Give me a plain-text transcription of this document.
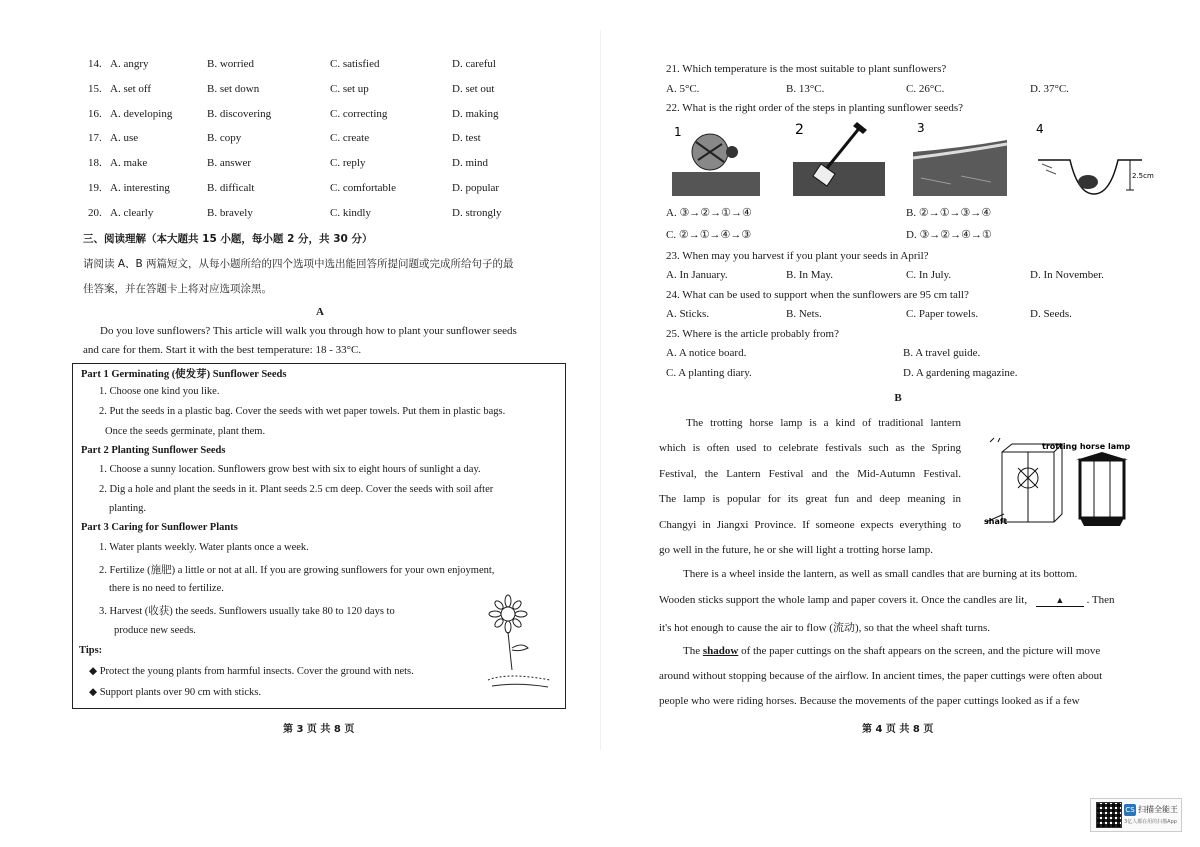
14. A. angry	B. worried	C. satisfied	D. careful
15. A. set off	B. set down	C. set up	D. set out
16. A. developing	B. discovering	C. correcting	D. making
17. A. use	B. copy	C. create	D. test
18. A. make	B. answer	C. reply	D. mind
19. A. interesting	B. difficalt	C. comfortable	D. popular
20. A. clearly	B. bravely	C. kindly	D. strongly
三、阅读理解（本大题共 15 小题，每小题 2 分，共 30 分）
请阅读 A、B 两篇短文，从每小题所给的四个选项中选出能回答所提问题或完成所给句子的最
佳答案，并在答题卡上将对应选项涂黑。
A
Do you love sunflowers? This article will walk you through how to plant your sunflower seeds
and care for them. Start it with the best temperature: 18 - 33°C.
Part 1 Germinating (使发芽) Sunflower Seeds
1. Choose one kind you like.
2. Put the seeds in a plastic bag. Cover the seeds with wet paper towels. Put them in plastic bags.
Once the seeds germinate, plant them.
Part 2 Planting Sunflower Seeds
1. Choose a sunny location. Sunflowers grow best with six to eight hours of sunlight a day.
2. Dig a hole and plant the seeds in it. Plant seeds 2.5 cm deep. Cover the seeds with soil after
planting.
Part 3 Caring for Sunflower Plants
1. Water plants weekly. Water plants once a week.
2. Fertilize (施肥) a little or not at all. If you are growing sunflowers for your own enjoyment,
there is no need to fertilize.
3. Harvest (收获) the seeds. Sunflowers usually take 80 to 120 days to
produce new seeds.
Tips:
◆ Protect the young plants from harmful insects. Cover the ground with nets.
◆ Support plants over 90 cm with sticks.
第 3 页 共 8 页
21. Which temperature is the most suitable to plant sunflowers?
A. 5°C.	B. 13°C.	C. 26°C.	D. 37°C.
22. What is the right order of the steps in planting sunflower seeds?
1	2	3	4
2.5cm
A. ③→②→①→④	B. ②→①→③→④
C. ②→①→④→③	D. ③→②→④→①
23. When may you harvest if you plant your seeds in April?
A. In January.	B. In May.	C. In July.	D. In November.
24. What can be used to support when the sunflowers are 95 cm tall?
A. Sticks.	B. Nets.	C. Paper towels.	D. Seeds.
25. Where is the article probably from?
A. A notice board.	B. A travel guide.
C. A planting diary.	D. A gardening magazine.
B
The trotting horse lamp is a kind of traditional lantern
which is often used to celebrate festivals such as the Spring
Festival, the Lantern Festival and the Mid-Autumn Festival.
The lamp is popular for its great fun and deep meaning in
Changyi in Jiangxi Province. If someone expects everything to
go well in the future, he or she will light a trotting horse lamp.
trotting horse lamp
shaft
There is a wheel inside the lantern, as well as small candles that are burning at its bottom.
Wooden sticks support the whole lamp and paper covers it. Once the candles are lit,	▲ . Then
it's hot enough to cause the air to flow (流动), so that the wheel shaft turns.
The shadow of the paper cuttings on the shaft appears on the screen, and the picture will move
around without stopping because of the airflow. In ancient times, the paper cuttings were often about
people who were riding horses. Because the movements of the paper cuttings looked as if a few
第 4 页 共 8 页
CS 扫描全能王
3亿人都在用的扫描App
